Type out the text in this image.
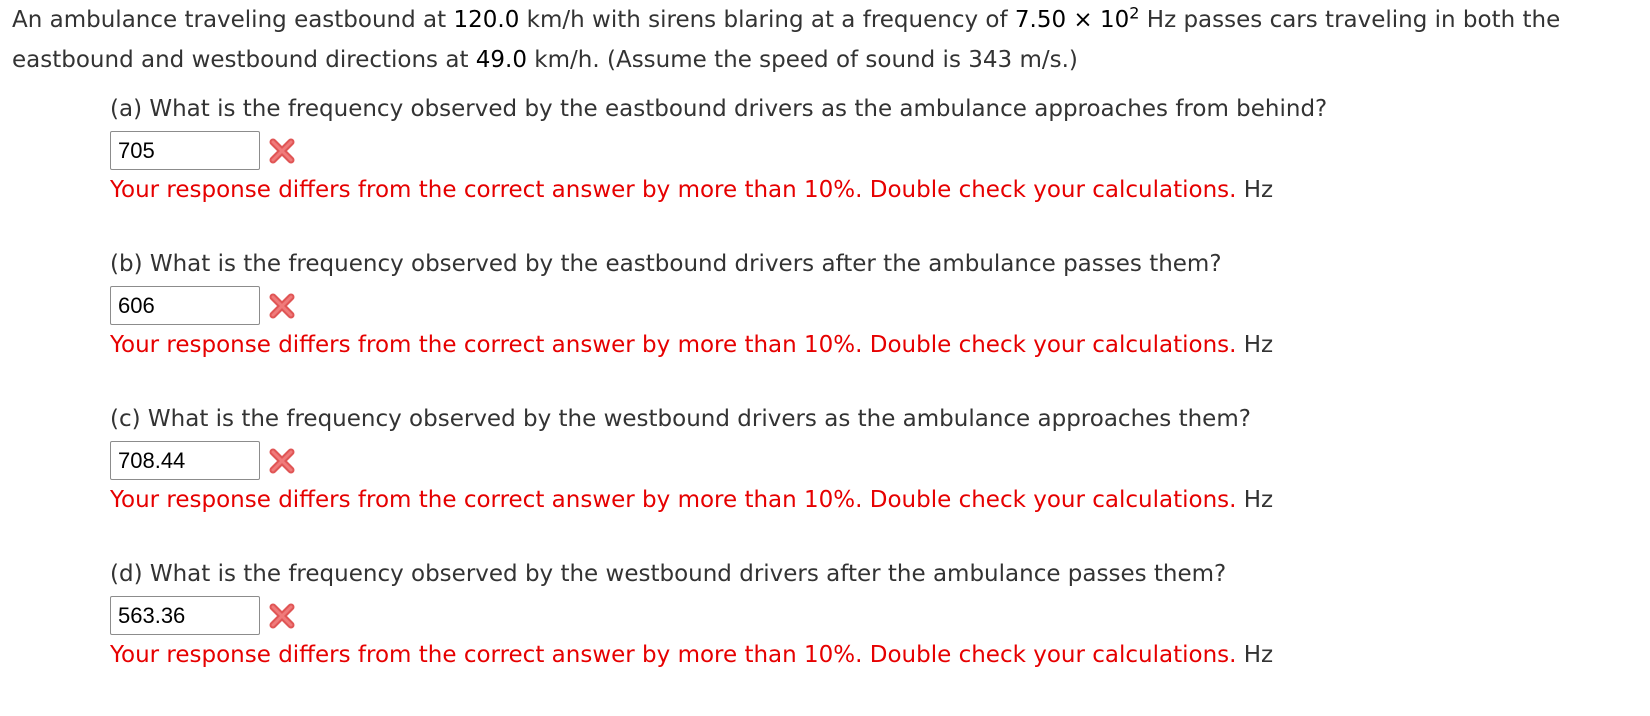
An ambulance traveling eastbound at 120.0 km/h with sirens blaring at a frequency of $7.50 \times 10^2$ Hz passes cars traveling in both the eastbound and westbound directions at 49.0 km/h. (Assume the speed of sound is 343 m/s.)
(a) What is the frequency observed by the eastbound drivers as the ambulance approaches from behind?
705
Your response differs from the correct answer by more than 10%. Double check your calculations. Hz
(b) What is the frequency observed by the eastbound drivers after the ambulance passes them?
606
Your response differs from the correct answer by more than 10%. Double check your calculations. Hz
(c) What is the frequency observed by the westbound drivers as the ambulance approaches them?
708.44
Your response differs from the correct answer by more than 10%. Double check your calculations. Hz
(d) What is the frequency observed by the westbound drivers after the ambulance passes them?
563.36
Your response differs from the correct answer by more than 10%. Double check your calculations. Hz
